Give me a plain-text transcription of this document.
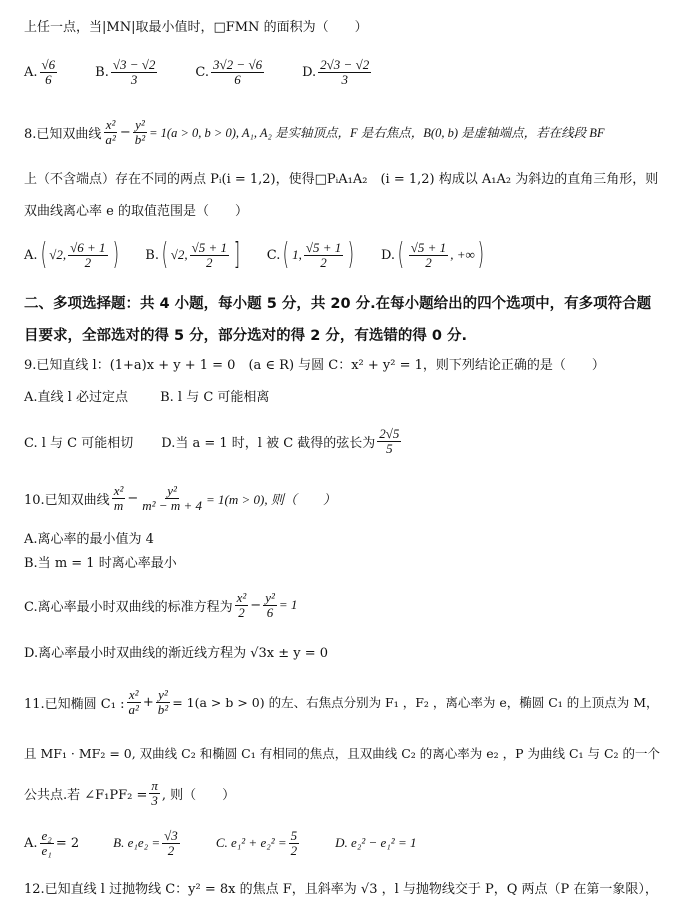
上任一点，当|MN|取最小值时，□FMN 的面积为（　　）
A. $\frac{√6}{6}$	B. $\frac{√3 - √2}{3}$	C. $\frac{3√2 - √6}{6}$	D. $\frac{2√3 - √2}{3}$
8.已知双曲线 $\frac{\text{x²}}{\text{a²}} - \frac{\text{y²}}{\text{b²}} = 1(a > 0$, b > 0), A₁, A₂ 是实轴顶点，F 是右焦点，B(0, b) 是虚轴端点，若在线段 BF
上（不含端点）存在不同的两点 Pᵢ(i = 1,2)，使得□PᵢA₁A₂　(i = 1,2) 构成以 A₁A₂ 为斜边的直角三角形，则
双曲线离心率 e 的取值范围是（　　）
A. ( √2, $\frac{√6 + 1}{2}$ ) B. ( √2, $\frac{√5 + 1}{2}$ ] C. ( 1, $\frac{√5 + 1}{2}$ ) D. ( $\frac{√5 + 1}{2}$ , +∞ )
二、多项选择题：共 4 小题，每小题 5 分，共 20 分.在每小题给出的四个选项中，有多项符合题
目要求，全部选对的得 5 分，部分选对的得 2 分，有选错的得 0 分.
9.已知直线 l：(1+a)x + y + 1 = 0　(a ∈ R) 与圆 C：x² + y² = 1，则下列结论正确的是（　　）
A.直线 l 必过定点 B. l 与 C 可能相离
C. l 与 C 可能相切 D.当 a = 1 时，l 被 C 截得的弦长为 $\frac{2√5}{5}$
10.已知双曲线 $\frac{\text{x²}}{m} - \frac{\text{y²}}{\text{m² − m + 4}} = 1(m > 0)$, 则（　　）
A.离心率的最小值为 4
B.当 m = 1 时离心率最小
C.离心率最小时双曲线的标准方程为 $\frac{\text{x²}}{2} - \frac{\text{y²}}{6} = 1$
D.离心率最小时双曲线的渐近线方程为 √3x ± y = 0
11.已知椭圆 C₁ : $\frac{\text{x²}}{\text{a²}} + \frac{\text{y²}}{\text{b²}} = 1(a > b > 0)$ 的左、右焦点分别为 F₁ ，F₂ ，离心率为 e，椭圆 C₁ 的上顶点为 M，
且 MF₁ · MF₂ = 0, 双曲线 C₂ 和椭圆 C₁ 有相同的焦点，且双曲线 C₂ 的离心率为 e₂ ，P 为曲线 C₁ 与 C₂ 的一个
公共点.若 ∠F₁PF₂ = $\frac{\pi}{3}$ , 则（　　）
A. $\frac{\text{e₂}}{\text{e₁}} = 2$	B. $e_1e_2 = \frac{√3}{2}$	C. $e_1^2 + e_2^2 = \frac{5}{2}$	D. e₂² − e₁² = 1
12.已知直线 l 过抛物线 C：y² = 8x 的焦点 F，且斜率为 √3 ，l 与抛物线交于 P，Q 两点（P 在第一象限），
